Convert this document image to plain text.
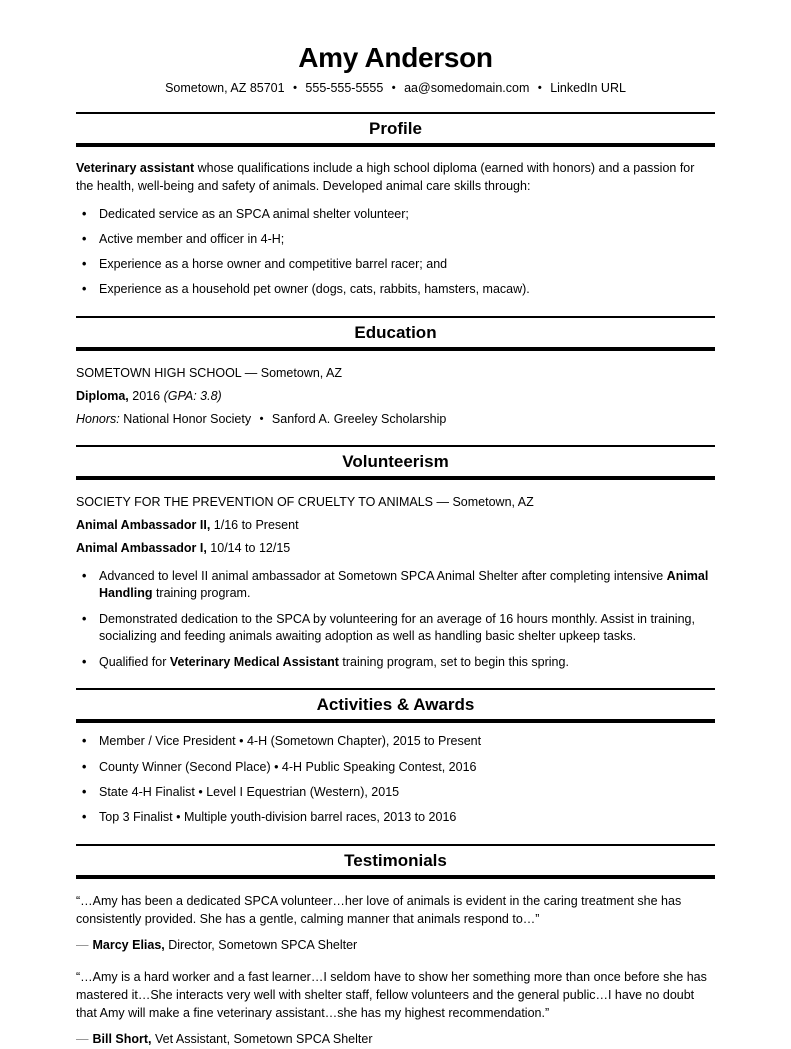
Amy Anderson
Sometown, AZ 85701 • 555-555-5555 • aa@somedomain.com • LinkedIn URL
Profile

Veterinary assistant whose qualifications include a high school diploma (earned with honors) and a passion for the health, well-being and safety of animals. Developed animal care skills through:

• Dedicated service as an SPCA animal shelter volunteer;
• Active member and officer in 4-H;
• Experience as a horse owner and competitive barrel racer; and
• Experience as a household pet owner (dogs, cats, rabbits, hamsters, macaw).
Education
SOMETOWN HIGH SCHOOL — Sometown, AZ
Diploma, 2016 (GPA: 3.8)
Honors: National Honor Society • Sanford A. Greeley Scholarship
Volunteerism
SOCIETY FOR THE PREVENTION OF CRUELTY TO ANIMALS — Sometown, AZ
Animal Ambassador II, 1/16 to Present
Animal Ambassador I, 10/14 to 12/15
• Advanced to level II animal ambassador at Sometown SPCA Animal Shelter after completing intensive Animal Handling training program.
• Demonstrated dedication to the SPCA by volunteering for an average of 16 hours monthly. Assist in training, socializing and feeding animals awaiting adoption as well as handling basic shelter upkeep tasks.
• Qualified for Veterinary Medical Assistant training program, set to begin this spring.
Activities & Awards
• Member / Vice President • 4-H (Sometown Chapter), 2015 to Present
• County Winner (Second Place) • 4-H Public Speaking Contest, 2016
• State 4-H Finalist • Level I Equestrian (Western), 2015
• Top 3 Finalist • Multiple youth-division barrel races, 2013 to 2016
Testimonials

“…Amy has been a dedicated SPCA volunteer…her love of animals is evident in the caring treatment she has consistently provided. She has a gentle, calming manner that animals respond to…”

— Marcy Elias, Director, Sometown SPCA Shelter

“…Amy is a hard worker and a fast learner…I seldom have to show her something more than once before she has mastered it…She interacts very well with shelter staff, fellow volunteers and the general public…I have no doubt that Amy will make a fine veterinary assistant…she has my highest recommendation.”

— Bill Short, Vet Assistant, Sometown SPCA Shelter
